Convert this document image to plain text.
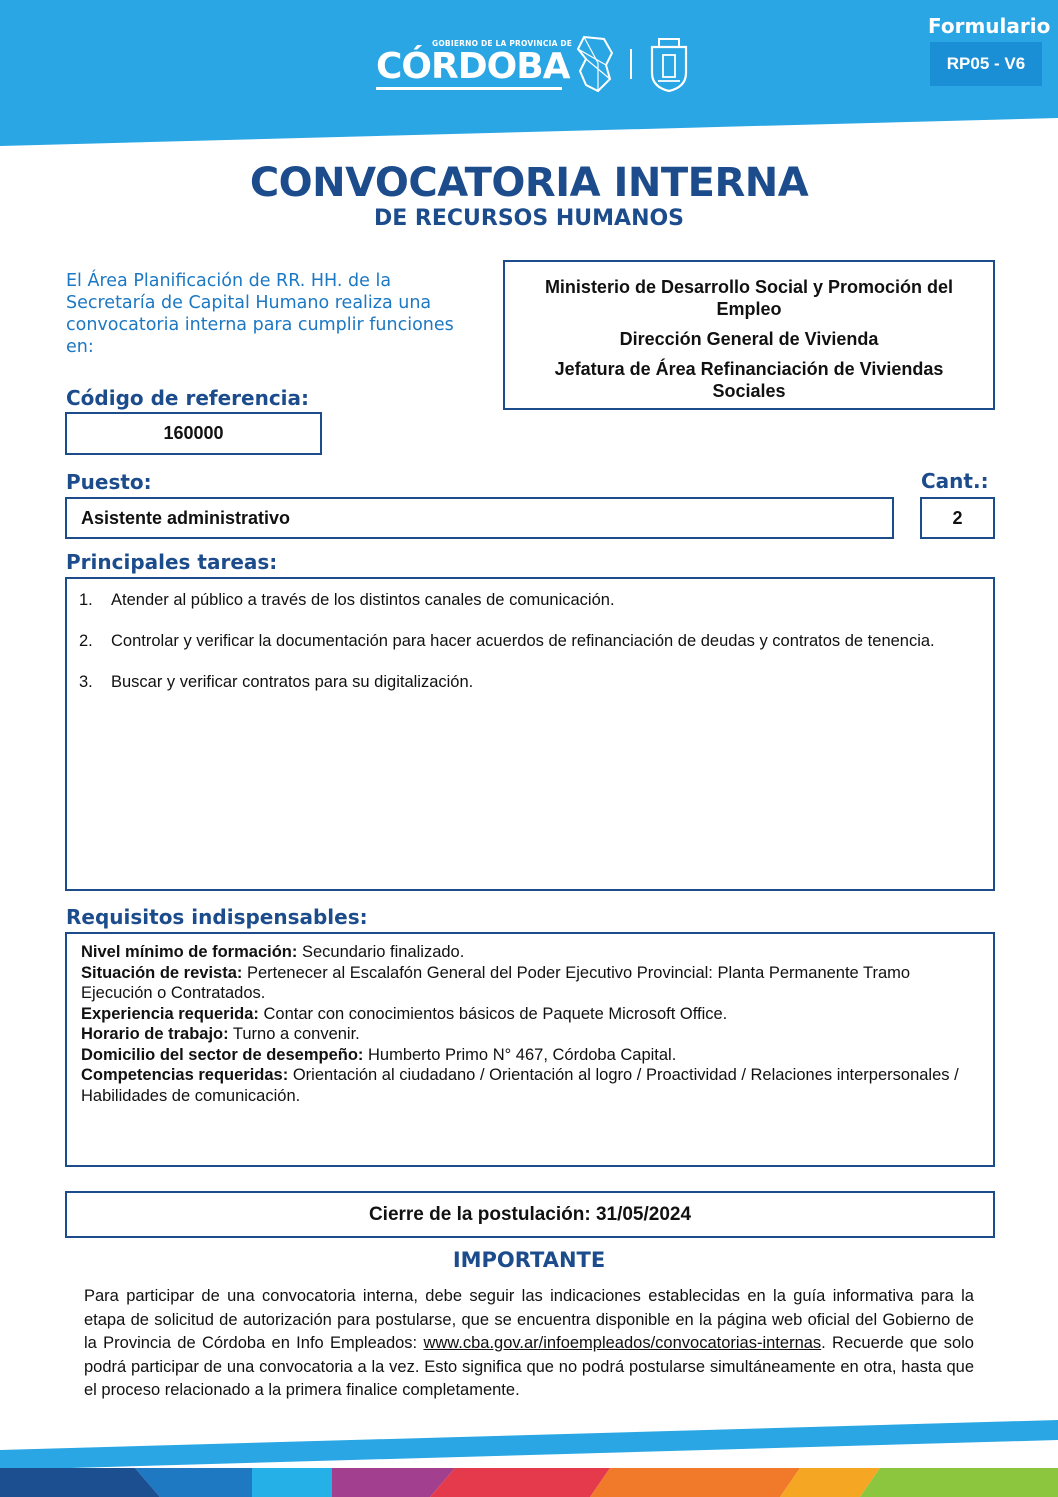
GOBIERNO DE LA PROVINCIA DE
CÓRDOBA
Formulario
RP05 - V6
CONVOCATORIA INTERNA
DE RECURSOS HUMANOS
El Área Planificación de RR. HH. de la Secretaría de Capital Humano realiza una convocatoria interna para cumplir funciones en:

Ministerio de Desarrollo Social y Promoción del Empleo

Dirección General de Vivienda

Jefatura de Área Refinanciación de Viviendas Sociales

Código de referencia:
160000
Puesto:
Asistente administrativo
Cant.:
2
Principales tareas:
1.	Atender al público a través de los distintos canales de comunicación.
2.	Controlar y verificar la documentación para hacer acuerdos de refinanciación de deudas y contratos de tenencia.
3.	Buscar y verificar contratos para su digitalización.
Requisitos indispensables:
Nivel mínimo de formación: Secundario finalizado.
Situación de revista: Pertenecer al Escalafón General del Poder Ejecutivo Provincial: Planta Permanente Tramo Ejecución o Contratados.
Experiencia requerida: Contar con conocimientos básicos de Paquete Microsoft Office.
Horario de trabajo: Turno a convenir.
Domicilio del sector de desempeño: Humberto Primo N° 467, Córdoba Capital.
Competencias requeridas: Orientación al ciudadano / Orientación al logro / Proactividad / Relaciones interpersonales / Habilidades de comunicación.
Cierre de la postulación: 31/05/2024
IMPORTANTE
Para participar de una convocatoria interna, debe seguir las indicaciones establecidas en la guía informativa para la etapa de solicitud de autorización para postularse, que se encuentra disponible en la página web oficial del Gobierno de la Provincia de Córdoba en Info Empleados: www.cba.gov.ar/infoempleados/convocatorias-internas. Recuerde que solo podrá participar de una convocatoria a la vez. Esto significa que no podrá postularse simultáneamente en otra, hasta que el proceso relacionado a la primera finalice completamente.
